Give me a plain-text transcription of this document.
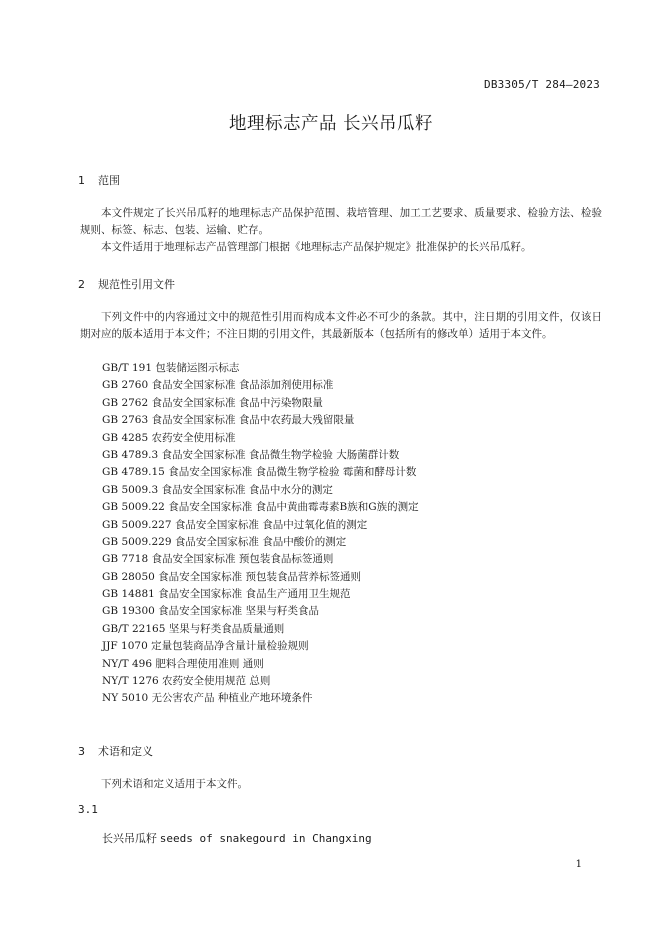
DB3305/T 284—2023
地理标志产品 长兴吊瓜籽
1 范围
本文件规定了长兴吊瓜籽的地理标志产品保护范围、栽培管理、加工工艺要求、质量要求、检验方法、检验规则、标签、标志、包装、运输、贮存。
本文件适用于地理标志产品管理部门根据《地理标志产品保护规定》批准保护的长兴吊瓜籽。
2 规范性引用文件
下列文件中的内容通过文中的规范性引用而构成本文件必不可少的条款。其中，注日期的引用文件，仅该日期对应的版本适用于本文件；不注日期的引用文件，其最新版本（包括所有的修改单）适用于本文件。
GB/T 191 包装储运图示标志
GB 2760 食品安全国家标准 食品添加剂使用标准
GB 2762 食品安全国家标准 食品中污染物限量
GB 2763 食品安全国家标准 食品中农药最大残留限量
GB 4285 农药安全使用标准
GB 4789.3 食品安全国家标准 食品微生物学检验 大肠菌群计数
GB 4789.15 食品安全国家标准 食品微生物学检验 霉菌和酵母计数
GB 5009.3 食品安全国家标准 食品中水分的测定
GB 5009.22 食品安全国家标准 食品中黄曲霉毒素B族和G族的测定
GB 5009.227 食品安全国家标准 食品中过氧化值的测定
GB 5009.229 食品安全国家标准 食品中酸价的测定
GB 7718 食品安全国家标准 预包装食品标签通则
GB 28050 食品安全国家标准 预包装食品营养标签通则
GB 14881 食品安全国家标准 食品生产通用卫生规范
GB 19300 食品安全国家标准 坚果与籽类食品
GB/T 22165 坚果与籽类食品质量通则
JJF 1070 定量包装商品净含量计量检验规则
NY/T 496 肥料合理使用准则 通则
NY/T 1276 农药安全使用规范 总则
NY 5010 无公害农产品 种植业产地环境条件
3 术语和定义
下列术语和定义适用于本文件。
3.1
长兴吊瓜籽 seeds of snakegourd in Changxing
1
